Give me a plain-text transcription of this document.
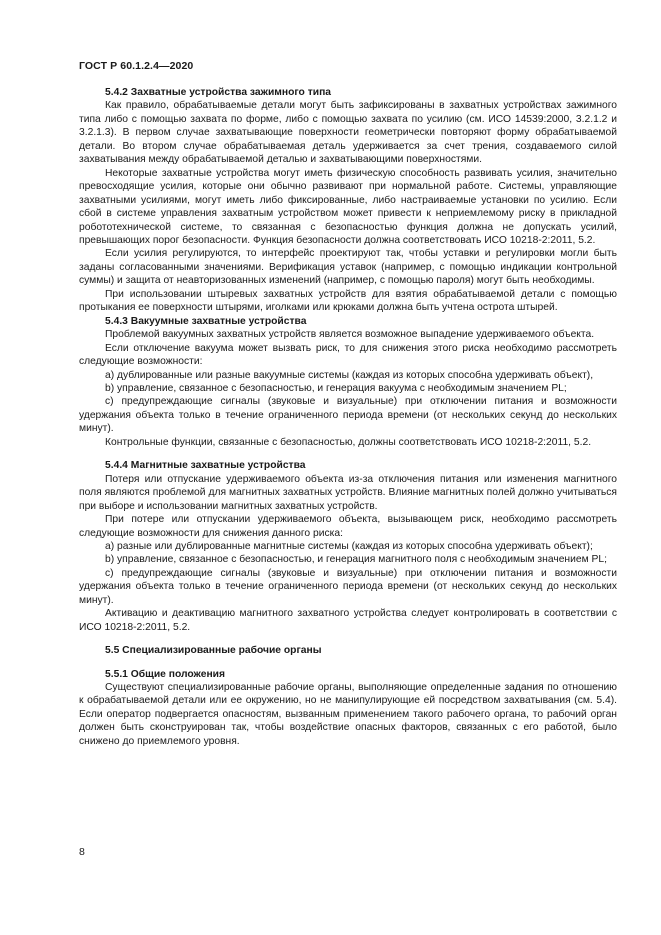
ГОСТ Р 60.1.2.4—2020

5.4.2 Захватные устройства зажимного типа

Как правило, обрабатываемые детали могут быть зафиксированы в захватных устройствах зажимного типа либо с помощью захвата по форме, либо с помощью захвата по усилию (см. ИСО 14539:2000, 3.2.1.2 и 3.2.1.3). В первом случае захватывающие поверхности геометрически повторяют форму обрабатываемой детали. Во втором случае обрабатываемая деталь удерживается за счет трения, создаваемого силой захватывания между обрабатываемой деталью и захватывающими поверхностями.

Некоторые захватные устройства могут иметь физическую способность развивать усилия, значительно превосходящие усилия, которые они обычно развивают при нормальной работе. Системы, управляющие захватными усилиями, могут иметь либо фиксированные, либо настраиваемые установки по усилию. Если сбой в системе управления захватным устройством может привести к неприемлемому риску в прикладной робототехнической системе, то связанная с безопасностью функция должна не допускать усилий, превышающих порог безопасности. Функция безопасности должна соответствовать ИСО 10218-2:2011, 5.2.

Если усилия регулируются, то интерфейс проектируют так, чтобы уставки и регулировки могли быть заданы согласованными значениями. Верификация уставок (например, с помощью индикации контрольной суммы) и защита от неавторизованных изменений (например, с помощью пароля) могут быть необходимы.

При использовании штыревых захватных устройств для взятия обрабатываемой детали с помощью протыкания ее поверхности штырями, иголками или крюками должна быть учтена острота штырей.

5.4.3 Вакуумные захватные устройства

Проблемой вакуумных захватных устройств является возможное выпадение удерживаемого объекта.

Если отключение вакуума может вызвать риск, то для снижения этого риска необходимо рассмотреть следующие возможности:

а) дублированные или разные вакуумные системы (каждая из которых способна удерживать объект),

b) управление, связанное с безопасностью, и генерация вакуума с необходимым значением PL;

c) предупреждающие сигналы (звуковые и визуальные) при отключении питания и возможности удержания объекта только в течение ограниченного периода времени (от нескольких секунд до нескольких минут).

Контрольные функции, связанные с безопасностью, должны соответствовать ИСО 10218-2:2011, 5.2.

5.4.4 Магнитные захватные устройства

Потеря или отпускание удерживаемого объекта из-за отключения питания или изменения магнитного поля являются проблемой для магнитных захватных устройств. Влияние магнитных полей должно учитываться при выборе и использовании магнитных захватных устройств.

При потере или отпускании удерживаемого объекта, вызывающем риск, необходимо рассмотреть следующие возможности для снижения данного риска:

а) разные или дублированные магнитные системы (каждая из которых способна удерживать объект);

b) управление, связанное с безопасностью, и генерация магнитного поля с необходимым значением PL;

c) предупреждающие сигналы (звуковые и визуальные) при отключении питания и возможности удержания объекта только в течение ограниченного периода времени (от нескольких секунд до нескольких минут).

Активацию и деактивацию магнитного захватного устройства следует контролировать в соответствии с ИСО 10218-2:2011, 5.2.

5.5 Специализированные рабочие органы

5.5.1 Общие положения

Существуют специализированные рабочие органы, выполняющие определенные задания по отношению к обрабатываемой детали или ее окружению, но не манипулирующие ей посредством захватывания (см. 5.4). Если оператор подвергается опасностям, вызванным применением такого рабочего органа, то рабочий орган должен быть сконструирован так, чтобы воздействие опасных факторов, связанных с его работой, было снижено до приемлемого уровня.

8
